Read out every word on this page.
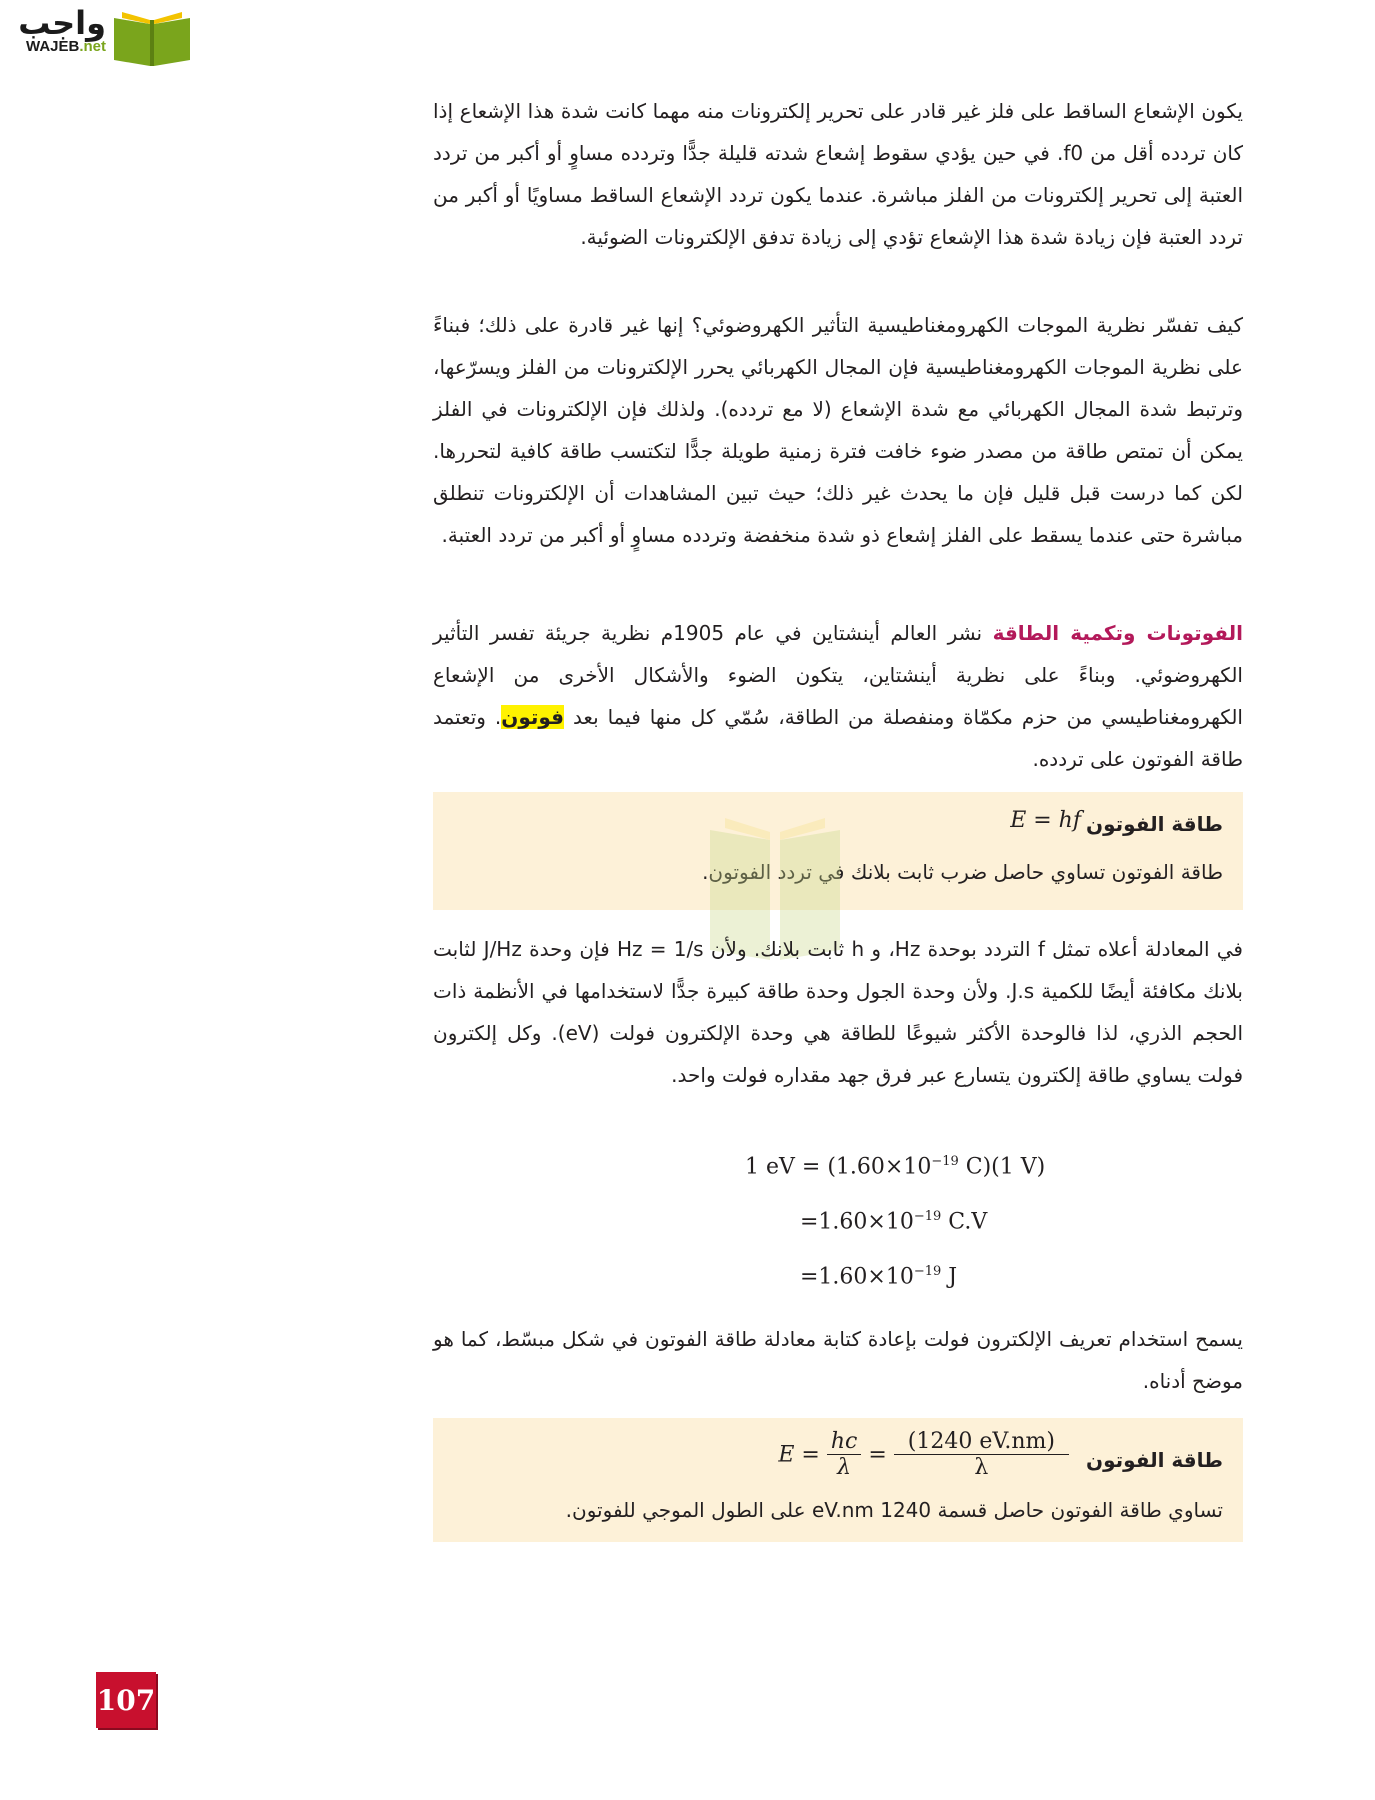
واجب
WAJEB.net

يكون الإشعاع الساقط على فلز غير قادر على تحرير إلكترونات منه مهما كانت شدة هذا الإشعاع إذا كان تردده أقل من f0. في حين يؤدي سقوط إشعاع شدته قليلة جدًّا وتردده مساوٍ أو أكبر من تردد العتبة إلى تحرير إلكترونات من الفلز مباشرة. عندما يكون تردد الإشعاع الساقط مساويًا أو أكبر من تردد العتبة فإن زيادة شدة هذا الإشعاع تؤدي إلى زيادة تدفق الإلكترونات الضوئية.

كيف تفسّر نظرية الموجات الكهرومغناطيسية التأثير الكهروضوئي؟ إنها غير قادرة على ذلك؛ فبناءً على نظرية الموجات الكهرومغناطيسية فإن المجال الكهربائي يحرر الإلكترونات من الفلز ويسرّعها، وترتبط شدة المجال الكهربائي مع شدة الإشعاع (لا مع تردده). ولذلك فإن الإلكترونات في الفلز يمكن أن تمتص طاقة من مصدر ضوء خافت فترة زمنية طويلة جدًّا لتكتسب طاقة كافية لتحررها. لكن كما درست قبل قليل فإن ما يحدث غير ذلك؛ حيث تبين المشاهدات أن الإلكترونات تنطلق مباشرة حتى عندما يسقط على الفلز إشعاع ذو شدة منخفضة وتردده مساوٍ أو أكبر من تردد العتبة.

الفوتونات وتكمية الطاقة نشر العالم أينشتاين في عام 1905م نظرية جريئة تفسر التأثير الكهروضوئي. وبناءً على نظرية أينشتاين، يتكون الضوء والأشكال الأخرى من الإشعاع الكهرومغناطيسي من حزم مكمّاة ومنفصلة من الطاقة، سُمّي كل منها فيما بعد فوتون. وتعتمد طاقة الفوتون على تردده.

طاقة الفوتون
E = hf
طاقة الفوتون تساوي حاصل ضرب ثابت بلانك في تردد الفوتون.

في المعادلة أعلاه تمثل f التردد بوحدة Hz، و h ثابت بلانك. ولأن Hz = 1/s فإن وحدة J/Hz لثابت بلانك مكافئة أيضًا للكمية J.s. ولأن وحدة الجول وحدة طاقة كبيرة جدًّا لاستخدامها في الأنظمة ذات الحجم الذري، لذا فالوحدة الأكثر شيوعًا للطاقة هي وحدة الإلكترون فولت (eV). وكل إلكترون فولت يساوي طاقة إلكترون يتسارع عبر فرق جهد مقداره فولت واحد.

1 eV = ($1.60\times 10^{-19}$ C)(1 V)
$=1.60\times 10^{-19}$ C.V
$=1.60\times 10^{-19}$ J

يسمح استخدام تعريف الإلكترون فولت بإعادة كتابة معادلة طاقة الفوتون في شكل مبسّط، كما هو موضح أدناه.

طاقة الفوتون
$E = \frac{hc}{\lambda} = \frac{(1240 eV.nm)}{\lambda}$
تساوي طاقة الفوتون حاصل قسمة 1240 eV.nm على الطول الموجي للفوتون.
107
